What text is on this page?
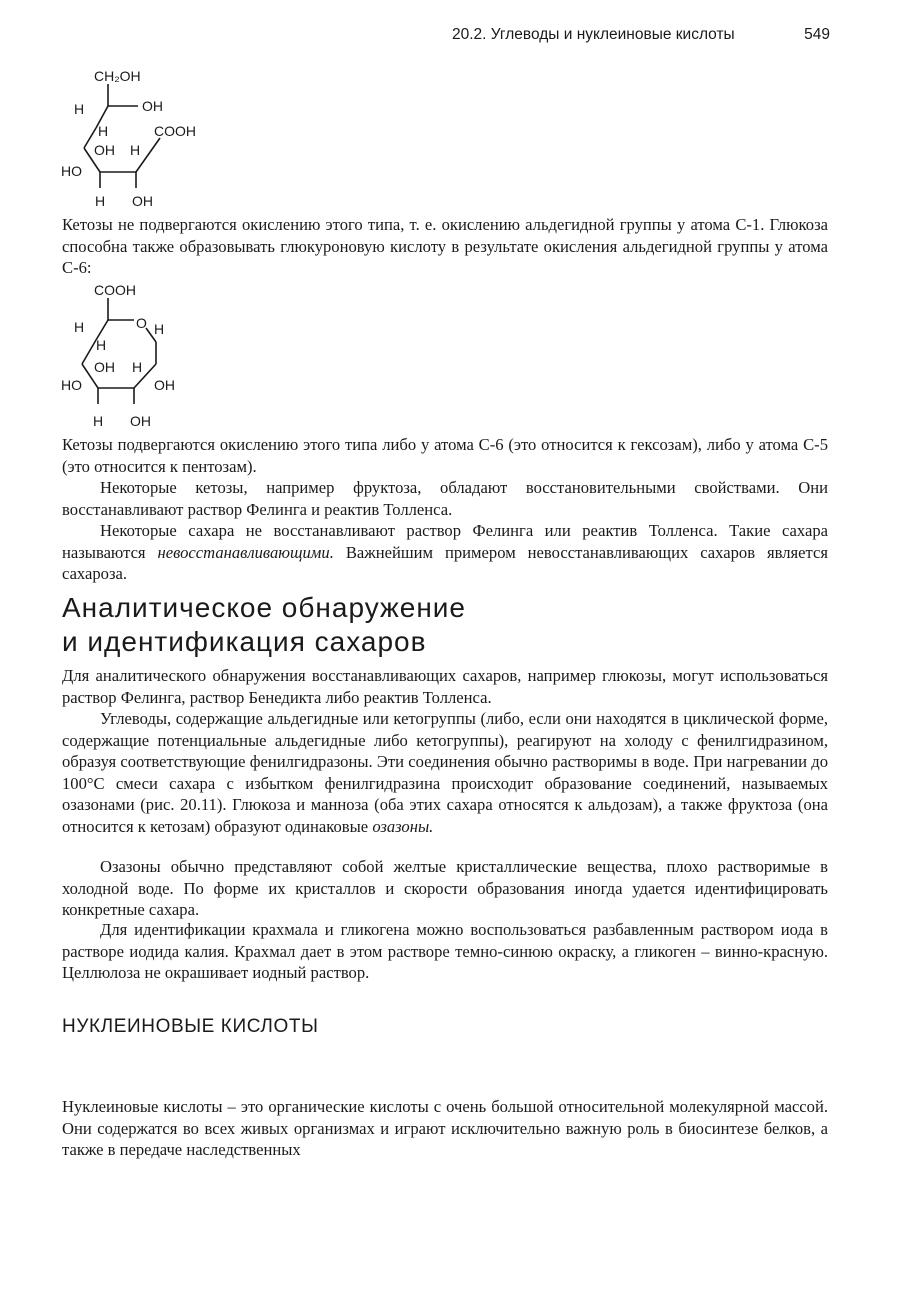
20.2. Углеводы и нуклеиновые кислоты	549
CH₂OH
H	OH
H	COOH
OH H
HO
H OH

Кетозы не подвергаются окислению этого типа, т. е. окислению альдегидной группы у атома С-1. Глюкоза способна также образовывать глюкуроновую кислоту в результате окисления альдегидной группы у атома С-6:

COOH
H	O H
H
OH H
HO	OH
H OH

Кетозы подвергаются окислению этого типа либо у атома С-6 (это относится к гексозам), либо у атома С-5 (это относится к пентозам).

Некоторые кетозы, например фруктоза, обладают восстановительными свойствами. Они восстанавливают раствор Фелинга и реактив Толленса.

Некоторые сахара не восстанавливают раствор Фелинга или реактив Толленса. Такие сахара называются невосстанавливающими. Важнейшим примером невосстанавливающих сахаров является сахароза.

Аналитическое обнаружение
и идентификация сахаров

Для аналитического обнаружения восстанавливающих сахаров, например глюкозы, могут использоваться раствор Фелинга, раствор Бенедикта либо реактив Толленса.

Углеводы, содержащие альдегидные или кетогруппы (либо, если они находятся в циклической форме, содержащие потенциальные альдегидные либо кетогруппы), реагируют на холоду с фенилгидразином, образуя соответствующие фенилгидразоны. Эти соединения обычно растворимы в воде. При нагревании до 100°С смеси сахара с избытком фенилгидразина происходит образование соединений, называемых озазонами (рис. 20.11). Глюкоза и манноза (оба этих сахара относятся к альдозам), а также фруктоза (она относится к кетозам) образуют одинаковые озазоны.

Озазоны обычно представляют собой желтые кристаллические вещества, плохо растворимые в холодной воде. По форме их кристаллов и скорости образования иногда удается идентифицировать конкретные сахара.

Для идентификации крахмала и гликогена можно воспользоваться разбавленным раствором иода в растворе иодида калия. Крахмал дает в этом растворе темно-синюю окраску, а гликоген – винно-красную. Целлюлоза не окрашивает иодный раствор.

НУКЛЕИНОВЫЕ КИСЛОТЫ

Нуклеиновые кислоты – это органические кислоты с очень большой относительной молекулярной массой. Они содержатся во всех живых организмах и играют исключительно важную роль в биосинтезе белков, а также в передаче наследственных
